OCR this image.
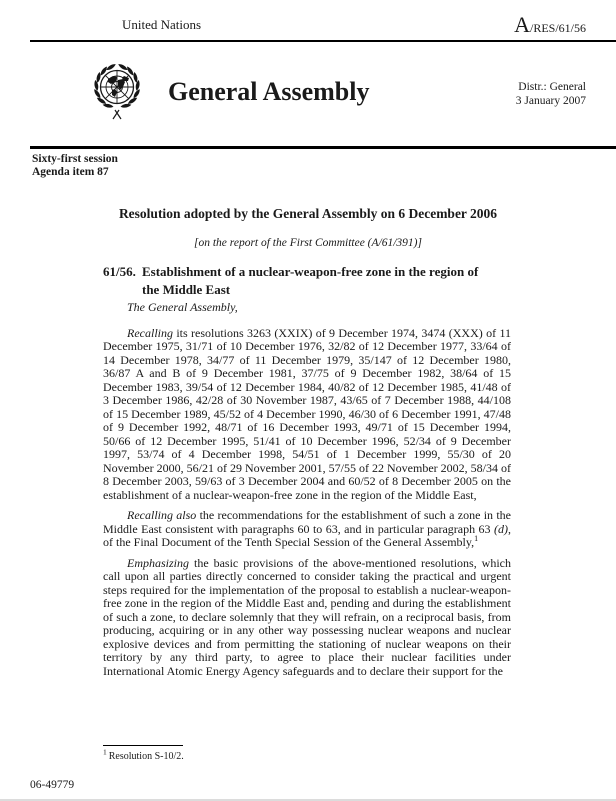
United Nations	A/RES/61/56
General Assembly	Distr.: General
3 January 2007
Sixty-first session
Agenda item 87
Resolution adopted by the General Assembly on 6 December 2006
[on the report of the First Committee (A/61/391)]
61/56. Establishment of a nuclear-weapon-free zone in the region of the Middle East

The General Assembly,

Recalling its resolutions 3263 (XXIX) of 9 December 1974, 3474 (XXX) of 11 December 1975, 31/71 of 10 December 1976, 32/82 of 12 December 1977, 33/64 of 14 December 1978, 34/77 of 11 December 1979, 35/147 of 12 December 1980, 36/87 A and B of 9 December 1981, 37/75 of 9 December 1982, 38/64 of 15 December 1983, 39/54 of 12 December 1984, 40/82 of 12 December 1985, 41/48 of 3 December 1986, 42/28 of 30 November 1987, 43/65 of 7 December 1988, 44/108 of 15 December 1989, 45/52 of 4 December 1990, 46/30 of 6 December 1991, 47/48 of 9 December 1992, 48/71 of 16 December 1993, 49/71 of 15 December 1994, 50/66 of 12 December 1995, 51/41 of 10 December 1996, 52/34 of 9 December 1997, 53/74 of 4 December 1998, 54/51 of 1 December 1999, 55/30 of 20 November 2000, 56/21 of 29 November 2001, 57/55 of 22 November 2002, 58/34 of 8 December 2003, 59/63 of 3 December 2004 and 60/52 of 8 December 2005 on the establishment of a nuclear-weapon-free zone in the region of the Middle East,

Recalling also the recommendations for the establishment of such a zone in the Middle East consistent with paragraphs 60 to 63, and in particular paragraph 63 (d), of the Final Document of the Tenth Special Session of the General Assembly,$^1$

Emphasizing the basic provisions of the above-mentioned resolutions, which call upon all parties directly concerned to consider taking the practical and urgent steps required for the implementation of the proposal to establish a nuclear-weapon-free zone in the region of the Middle East and, pending and during the establishment of such a zone, to declare solemnly that they will refrain, on a reciprocal basis, from producing, acquiring or in any other way possessing nuclear weapons and nuclear explosive devices and from permitting the stationing of nuclear weapons on their territory by any third party, to agree to place their nuclear facilities under International Atomic Energy Agency safeguards and to declare their support for the

$^1$ Resolution S-10/2.
06-49779
